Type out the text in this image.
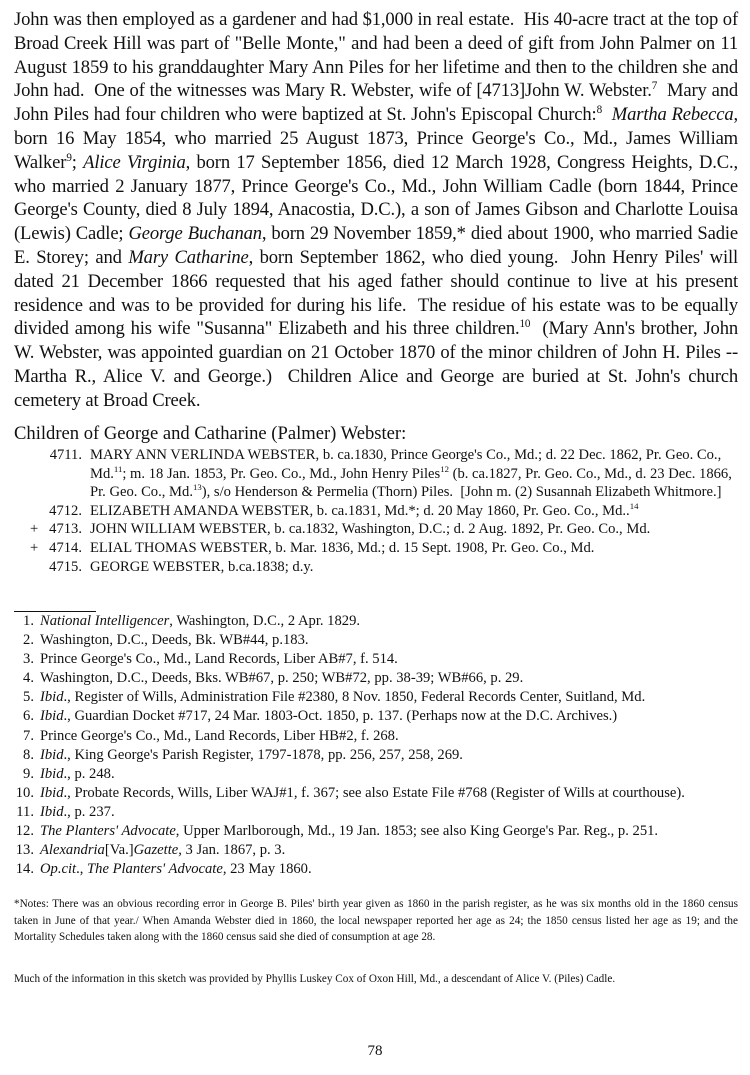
John was then employed as a gardener and had $1,000 in real estate.  His 40-acre tract at the top of Broad Creek Hill was part of "Belle Monte," and had been a deed of gift from John Palmer on 11 August 1859 to his granddaughter Mary Ann Piles for her lifetime and then to the children she and John had.  One of the witnesses was Mary R. Webster, wife of [4713]John W. Webster.$^7$  Mary and John Piles had four children who were baptized at St. John's Episcopal Church:$^8$ Martha Rebecca, born 16 May 1854, who married 25 August 1873, Prince George's Co., Md., James William Walker$^9$; Alice Virginia, born 17 September 1856, died 12 March 1928, Congress Heights, D.C., who married 2 January 1877, Prince George's Co., Md., John William Cadle (born 1844, Prince George's County, died 8 July 1894, Anacostia, D.C.), a son of James Gibson and Charlotte Louisa (Lewis) Cadle; George Buchanan, born 29 November 1859,* died about 1900, who married Sadie E. Storey; and Mary Catharine, born September 1862, who died young.  John Henry Piles' will dated 21 December 1866 requested that his aged father should continue to live at his present residence and was to be provided for during his life.  The residue of his estate was to be equally divided among his wife "Susanna" Elizabeth and his three children.$^{10}$  (Mary Ann's brother, John W. Webster, was appointed guardian on 21 October 1870 of the minor children of John H. Piles -- Martha R., Alice V. and George.)  Children Alice and George are buried at St. John's church cemetery at Broad Creek.

Children of George and Catharine (Palmer) Webster:

4711. MARY ANN VERLINDA WEBSTER, b. ca.1830, Prince George's Co., Md.; d. 22 Dec. 1862, Pr. Geo. Co., Md.$^{11}$; m. 18 Jan. 1853, Pr. Geo. Co., Md., John Henry Piles$^{12}$ (b. ca.1827, Pr. Geo. Co., Md., d. 23 Dec. 1866, Pr. Geo. Co., Md.$^{13}$), s/o Henderson & Permelia (Thorn) Piles.  [John m. (2) Susannah Elizabeth Whitmore.]
4712. ELIZABETH AMANDA WEBSTER, b. ca.1831, Md.*; d. 20 May 1860, Pr. Geo. Co., Md..$^{14}$
+ 4713. JOHN WILLIAM WEBSTER, b. ca.1832, Washington, D.C.; d. 2 Aug. 1892, Pr. Geo. Co., Md.
+ 4714. ELIAL THOMAS WEBSTER, b. Mar. 1836, Md.; d. 15 Sept. 1908, Pr. Geo. Co., Md.
4715. GEORGE WEBSTER, b.ca.1838; d.y.
1. National Intelligencer, Washington, D.C., 2 Apr. 1829.
2. Washington, D.C., Deeds, Bk. WB#44, p.183.
3. Prince George's Co., Md., Land Records, Liber AB#7, f. 514.
4. Washington, D.C., Deeds, Bks. WB#67, p. 250; WB#72, pp. 38-39; WB#66, p. 29.
5. Ibid., Register of Wills, Administration File #2380, 8 Nov. 1850, Federal Records Center, Suitland, Md.
6. Ibid., Guardian Docket #717, 24 Mar. 1803-Oct. 1850, p. 137. (Perhaps now at the D.C. Archives.)
7. Prince George's Co., Md., Land Records, Liber HB#2, f. 268.
8. Ibid., King George's Parish Register, 1797-1878, pp. 256, 257, 258, 269.
9. Ibid., p. 248.
10. Ibid., Probate Records, Wills, Liber WAJ#1, f. 367; see also Estate File #768 (Register of Wills at courthouse).
11. Ibid., p. 237.
12. The Planters' Advocate, Upper Marlborough, Md., 19 Jan. 1853; see also King George's Par. Reg., p. 251.
13. Alexandria[Va.]Gazette, 3 Jan. 1867, p. 3.
14. Op.cit., The Planters' Advocate, 23 May 1860.

*Notes: There was an obvious recording error in George B. Piles' birth year given as 1860 in the parish register, as he was six months old in the 1860 census taken in June of that year./ When Amanda Webster died in 1860, the local newspaper reported her age as 24; the 1850 census listed her age as 19; and the Mortality Schedules taken along with the 1860 census said she died of consumption at age 28.

Much of the information in this sketch was provided by Phyllis Luskey Cox of Oxon Hill, Md., a descendant of Alice V. (Piles) Cadle.

78
